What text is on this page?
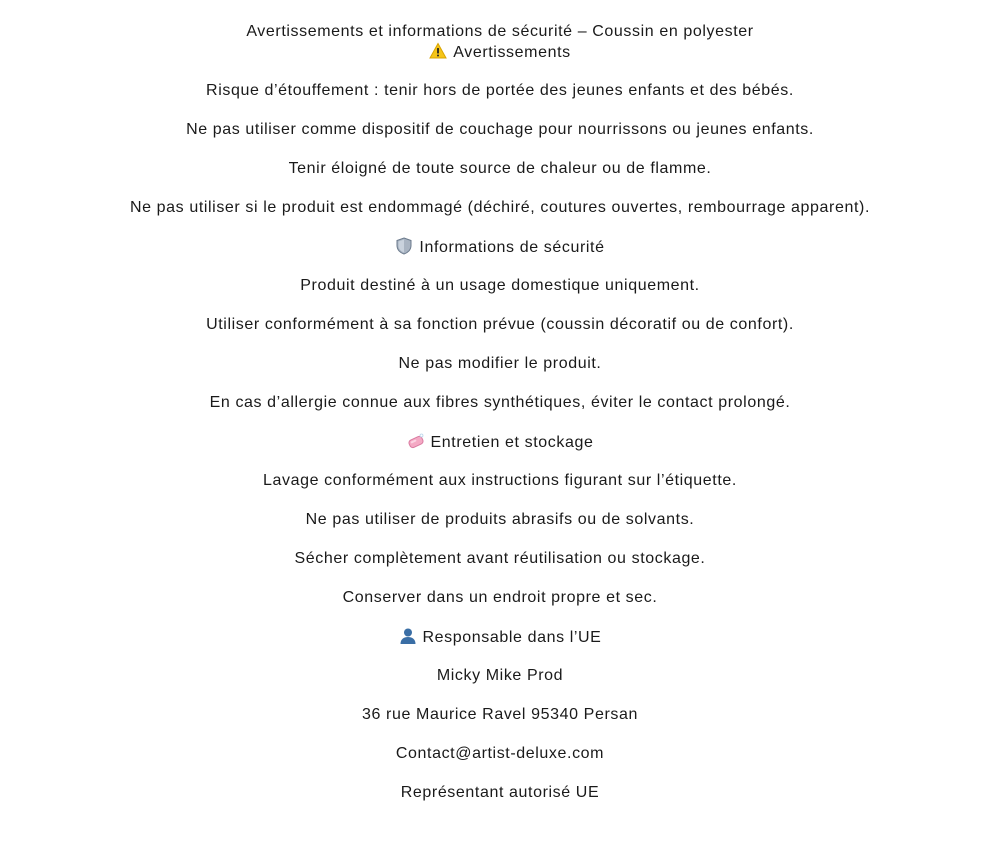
Avertissements et informations de sécurité – Coussin en polyester
Avertissements
Risque d’étouffement : tenir hors de portée des jeunes enfants et des bébés.
Ne pas utiliser comme dispositif de couchage pour nourrissons ou jeunes enfants.
Tenir éloigné de toute source de chaleur ou de flamme.
Ne pas utiliser si le produit est endommagé (déchiré, coutures ouvertes, rembourrage apparent).
Informations de sécurité
Produit destiné à un usage domestique uniquement.
Utiliser conformément à sa fonction prévue (coussin décoratif ou de confort).
Ne pas modifier le produit.
En cas d’allergie connue aux fibres synthétiques, éviter le contact prolongé.
Entretien et stockage
Lavage conformément aux instructions figurant sur l’étiquette.
Ne pas utiliser de produits abrasifs ou de solvants.
Sécher complètement avant réutilisation ou stockage.
Conserver dans un endroit propre et sec.
Responsable dans l’UE
Micky Mike Prod
36 rue Maurice Ravel 95340 Persan
Contact@artist-deluxe.com
Représentant autorisé UE
